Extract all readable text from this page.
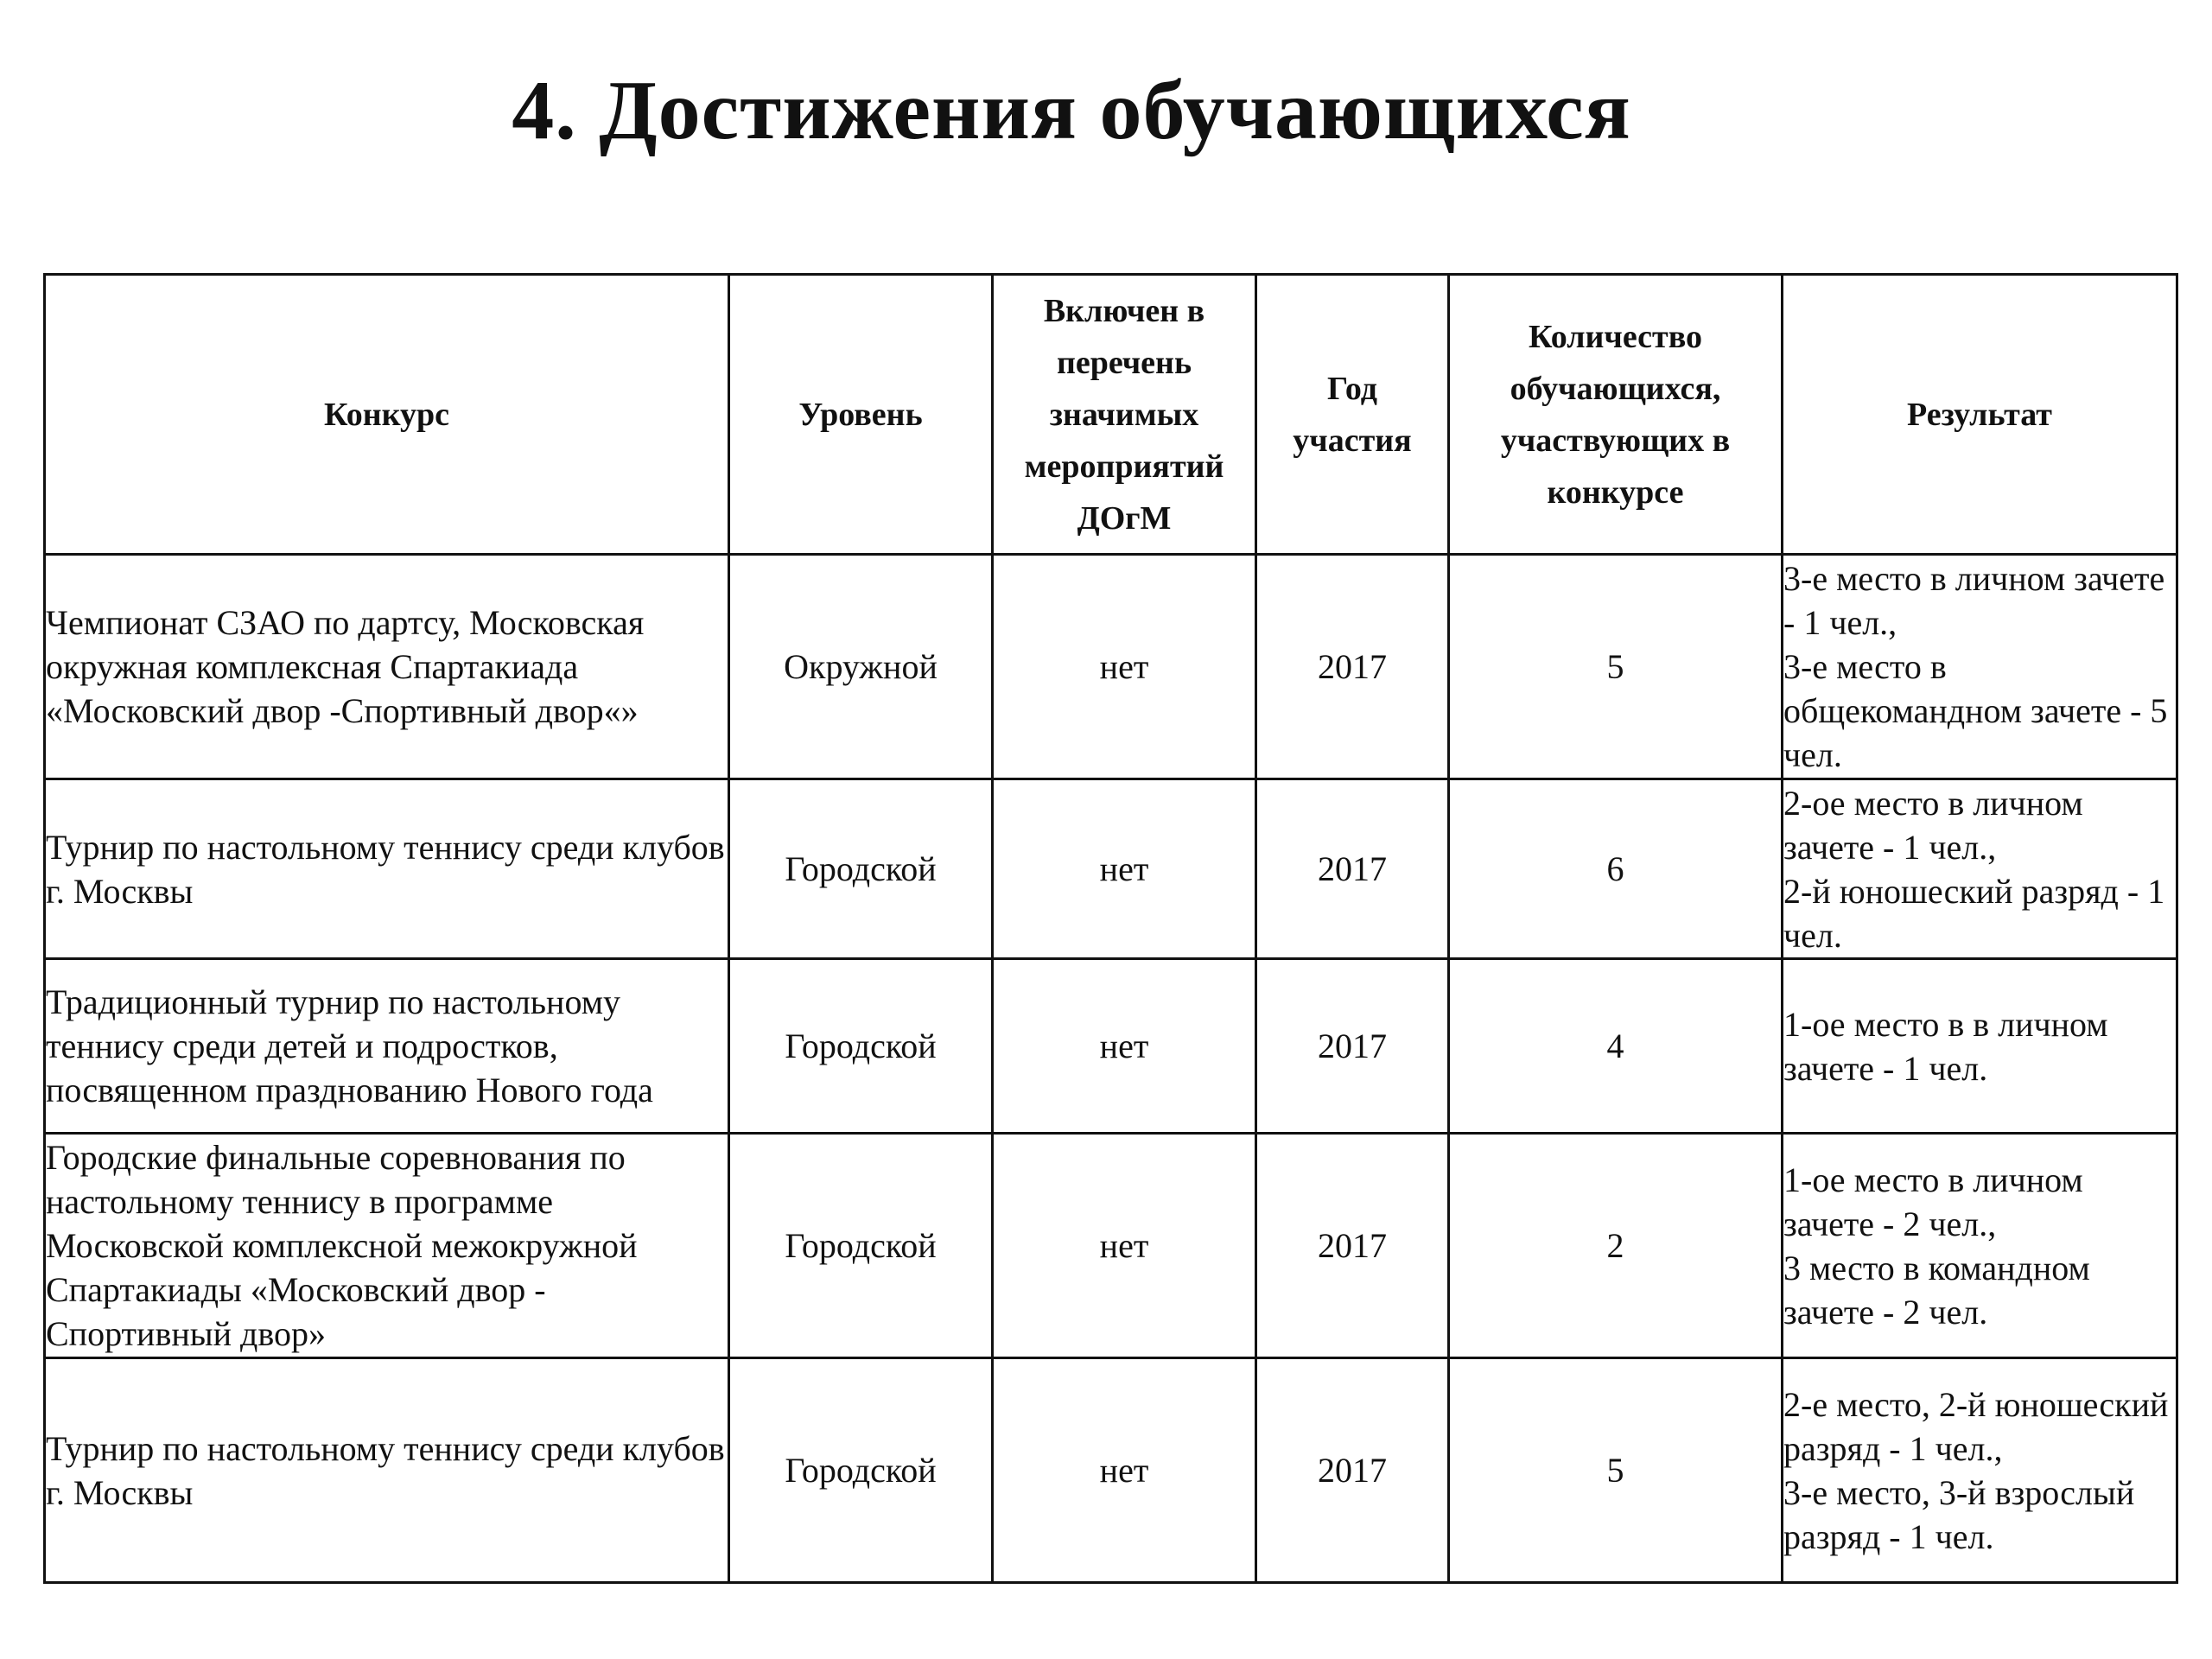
4. Достижения обучающихся
Конкурс	Уровень	Включен в перечень значимых мероприятий ДОгМ	Год участия	Количество обучающихся, участвующих в конкурсе	Результат
Чемпионат СЗАО по дартсу, Московская окружная комплексная Спартакиада «Московский двор -Спортивный двор«»	Окружной	нет	2017	5	3-е место в личном зачете - 1 чел.,
3-е место в общекомандном зачете - 5 чел.

Турнир по настольному теннису среди клубов г. Москвы	Городской	нет	2017	6	2-ое место в личном зачете - 1 чел.,
2-й юношеский разряд - 1 чел.

Традиционный турнир по настольному теннису среди детей и подростков, посвященном празднованию Нового года	Городской	нет	2017	4	1-ое место в в личном зачете - 1 чел.

Городские финальные соревнования по настольному теннису в программе Московской комплексной межокружной Спартакиады «Московский двор - Спортивный двор»	Городской	нет	2017	2	1-ое место в личном зачете - 2 чел.,
3 место в командном зачете - 2 чел.

Турнир по настольному теннису среди клубов г. Москвы	Городской	нет	2017	5	2-е место, 2-й юношеский разряд - 1 чел.,
3-е место, 3-й взрослый разряд - 1 чел.
